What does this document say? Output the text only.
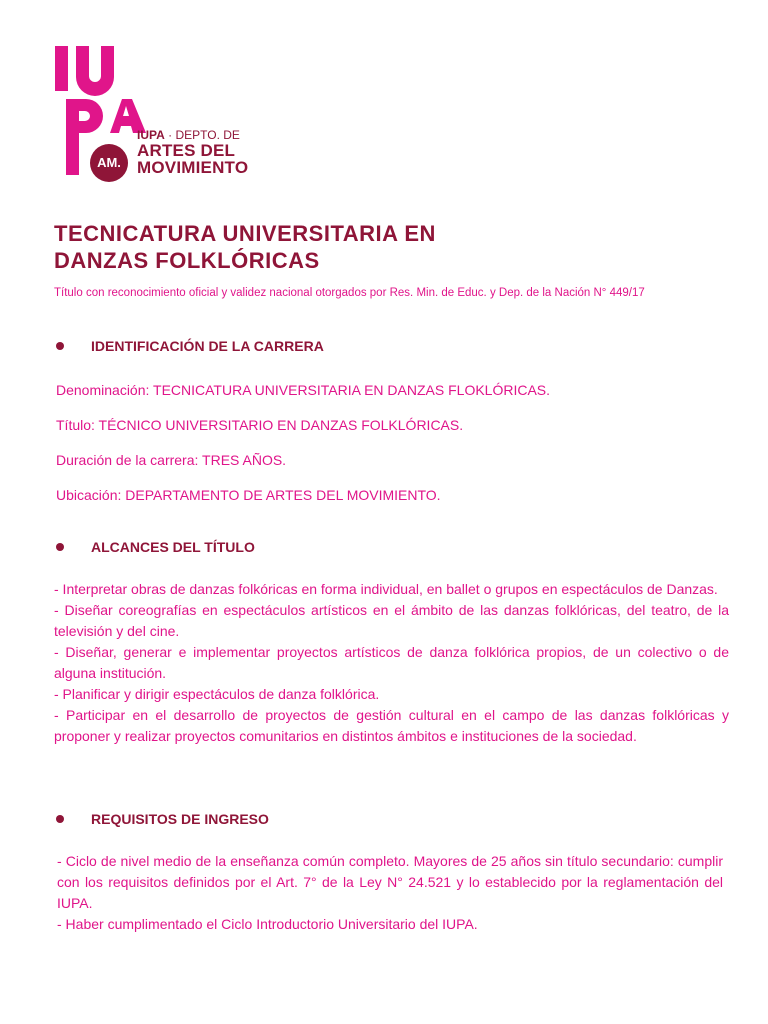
AM.
IUPA · DEPTO. DE
ARTES DEL
MOVIMIENTO
TECNICATURA UNIVERSITARIA EN
DANZAS FOLKLÓRICAS
Título con reconocimiento oficial y validez nacional otorgados por Res. Min. de Educ. y Dep. de la Nación N° 449/17
IDENTIFICACIÓN DE LA CARRERA
Denominación: TECNICATURA UNIVERSITARIA EN DANZAS FLOKLÓRICAS.
Título: TÉCNICO UNIVERSITARIO EN DANZAS FOLKLÓRICAS.
Duración de la carrera: TRES AÑOS.
Ubicación: DEPARTAMENTO DE ARTES DEL MOVIMIENTO.
ALCANCES DEL TÍTULO

- Interpretar obras de danzas folkóricas en forma individual, en ballet o grupos en espectáculos de Danzas.

- Diseñar coreografías en espectáculos artísticos en el ámbito de las danzas folklóricas, del teatro, de la televisión y del cine.

- Diseñar, generar e implementar proyectos artísticos de danza folklórica propios, de un colectivo o de alguna institución.

- Planificar y dirigir espectáculos de danza folklórica.

- Participar en el desarrollo de proyectos de gestión cultural en el campo de las danzas folklóricas y proponer y realizar proyectos comunitarios en distintos ámbitos e instituciones de la sociedad.

REQUISITOS DE INGRESO

- Ciclo de nivel medio de la enseñanza común completo. Mayores de 25 años sin título secundario: cumplir con los requisitos definidos por el Art. 7° de la Ley N° 24.521 y lo establecido por la reglamentación del IUPA.

- Haber cumplimentado el Ciclo Introductorio Universitario del IUPA.
